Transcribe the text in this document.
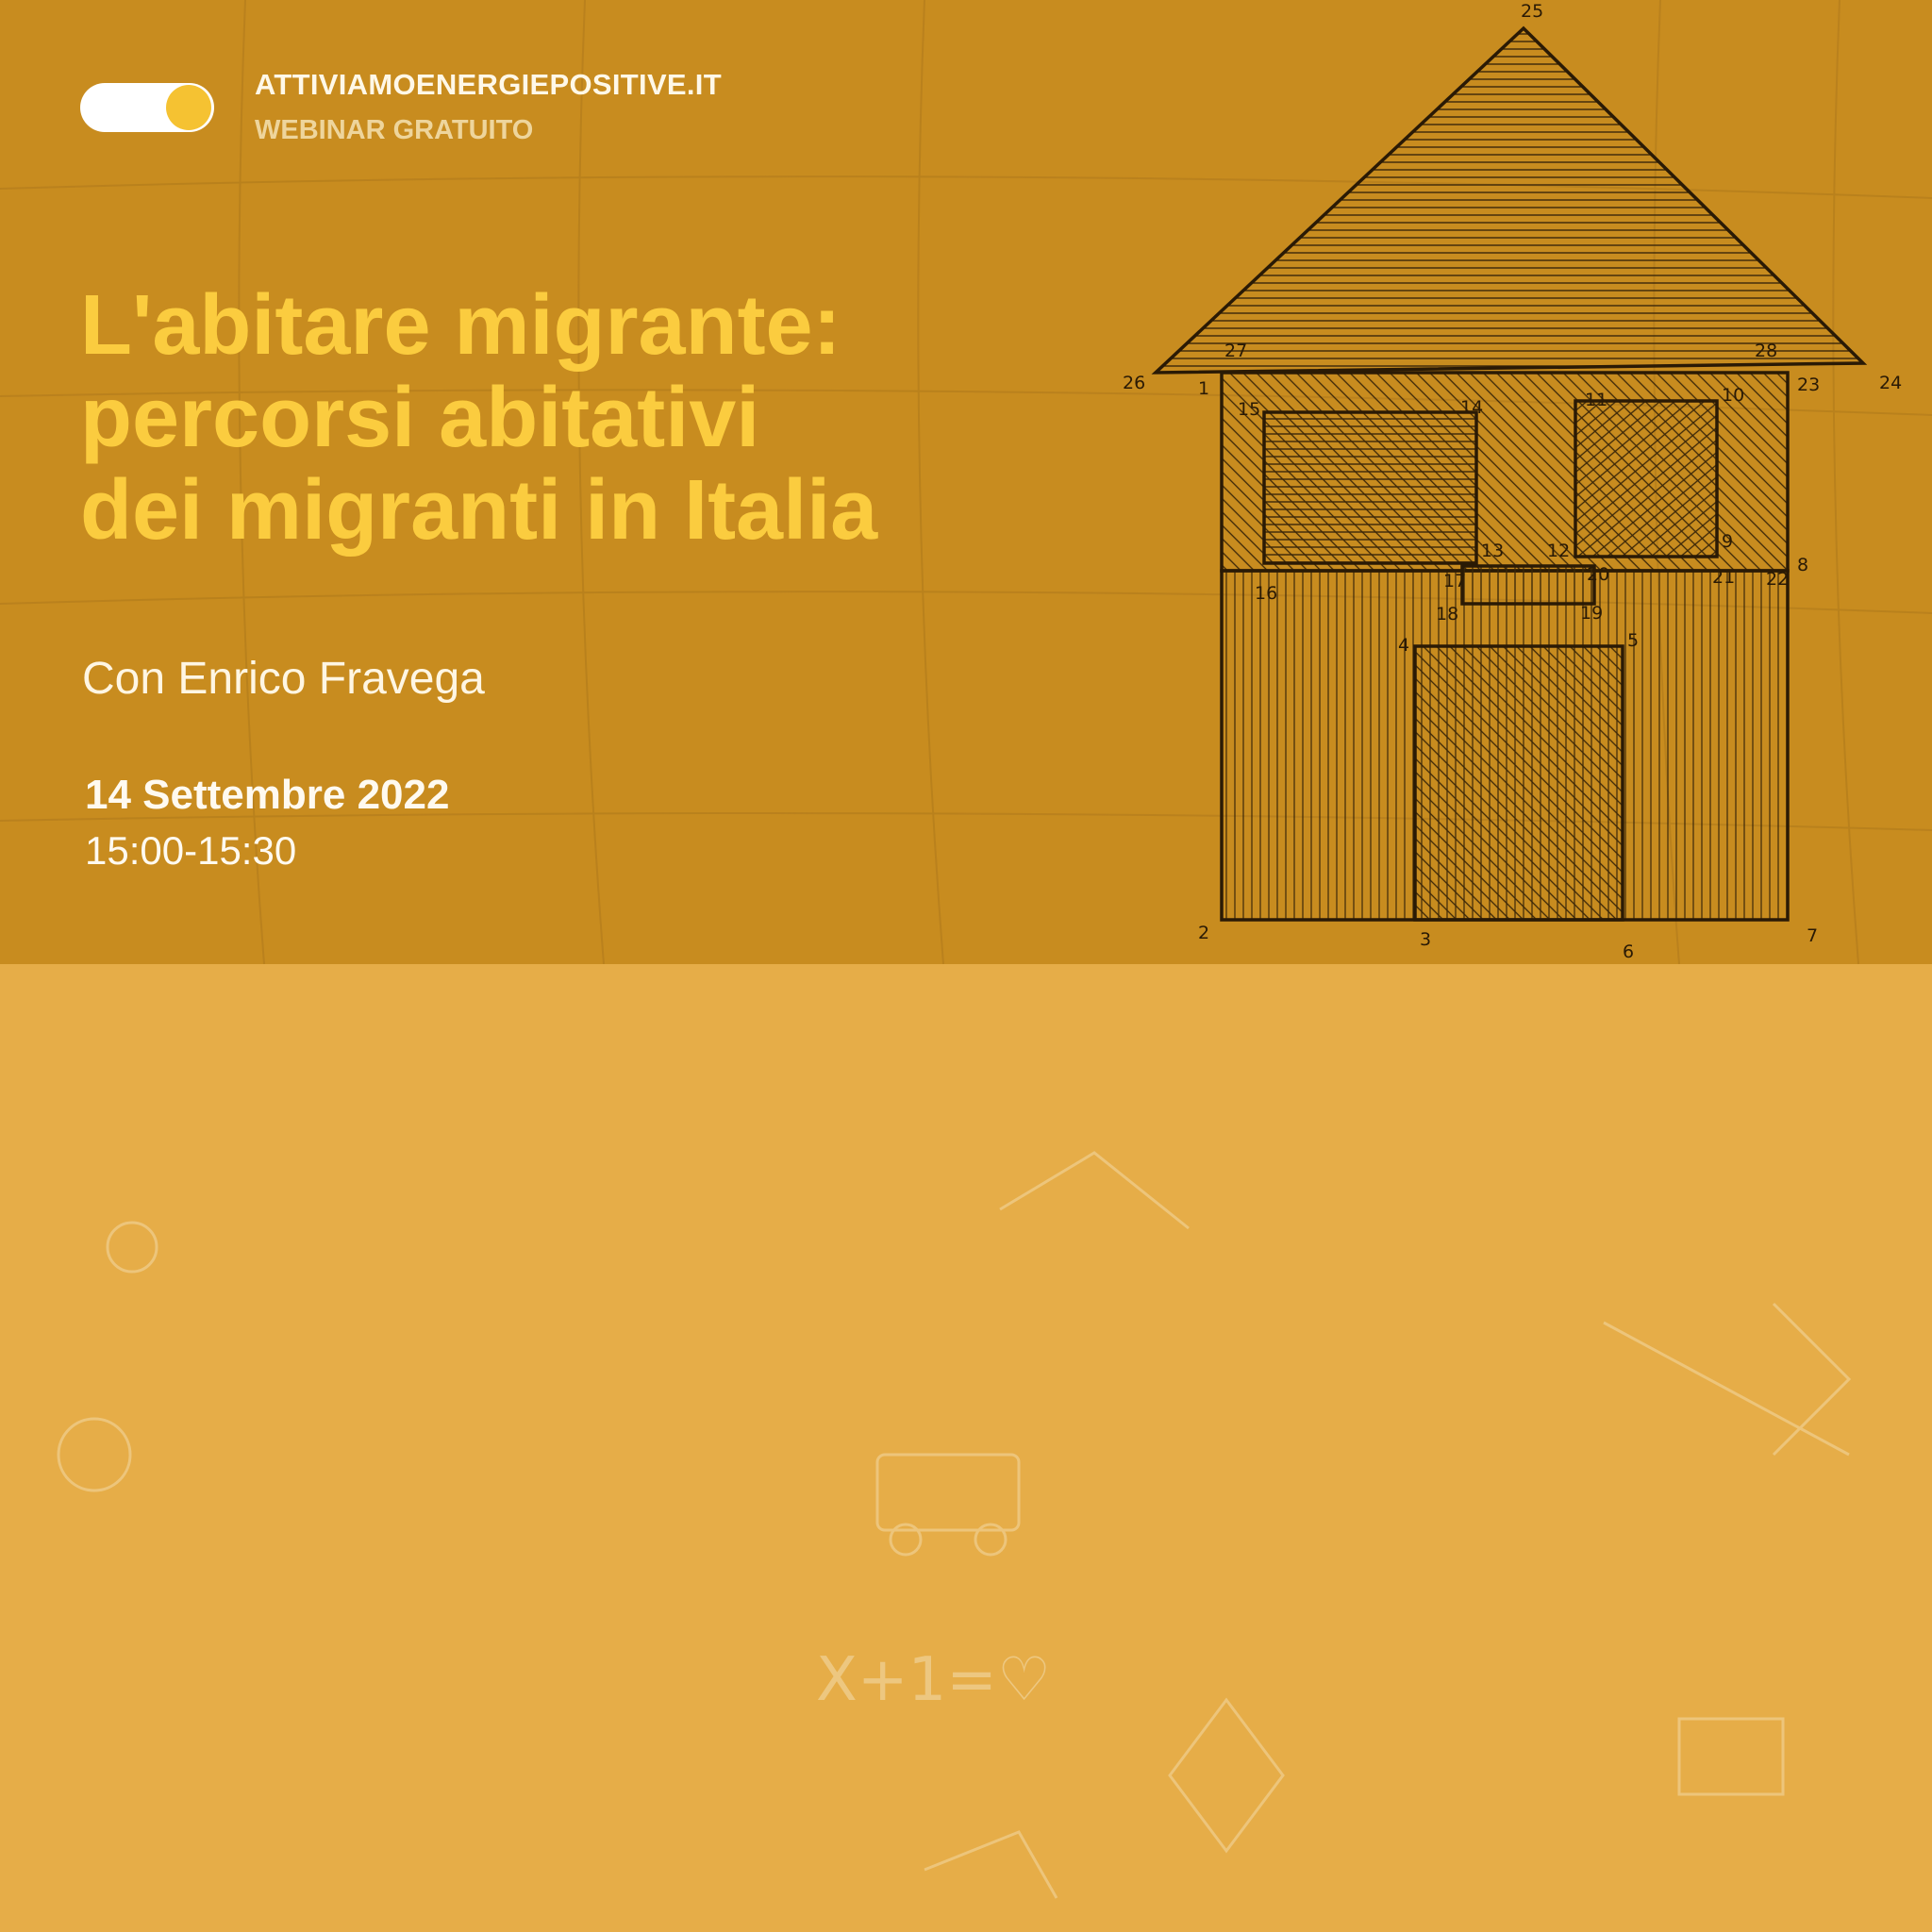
ATTIVIAMOENERGIEPOSITIVE.IT
WEBINAR GRATUITO
L'abitare migrante:
percorsi abitativi
dei migranti in Italia
Con Enrico Fravega
14 Settembre 2022
15:00-15:30
25
26	24
27	28
1	23
15	14	11	10
13 12	9
16
17	20	21 22
8
18	19
4	5
2	3
6
7
X+1=♡
